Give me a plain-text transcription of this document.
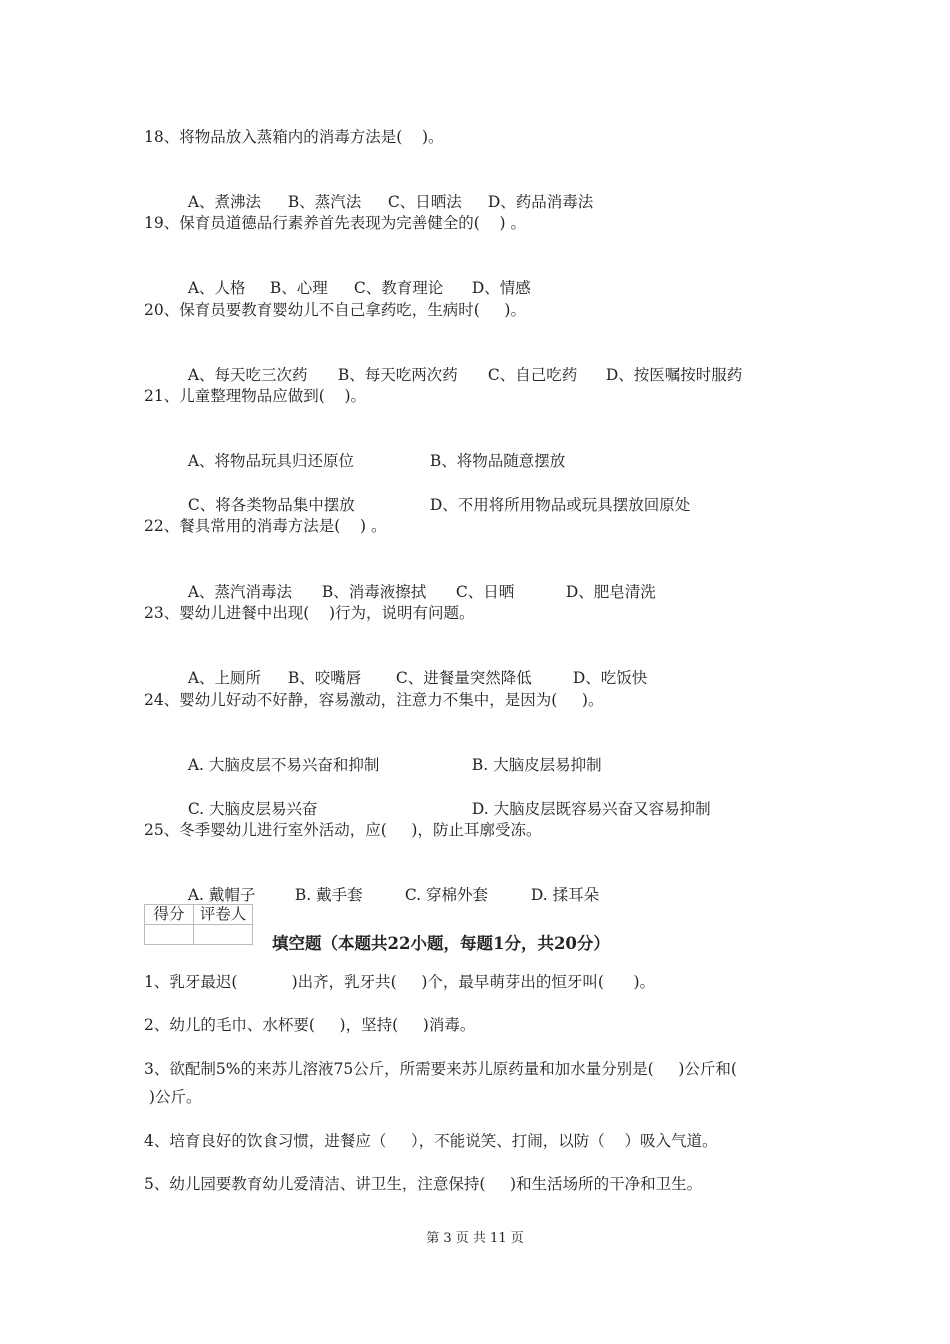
18、将物品放入蒸箱内的消毒方法是(    )。

A、煮沸法 B、蒸汽法 C、日晒法 D、药品消毒法

19、保育员道德品行素养首先表现为完善健全的(    ) 。

A、人格 B、心理 C、教育理论 D、情感

20、保育员要教育婴幼儿不自己拿药吃，生病时(     )。

A、每天吃三次药 B、每天吃两次药 C、自己吃药 D、按医嘱按时服药

21、儿童整理物品应做到(    )。

A、将物品玩具归还原位	B、将物品随意摆放

C、将各类物品集中摆放	D、不用将所用物品或玩具摆放回原处

22、餐具常用的消毒方法是(    ) 。

A、蒸汽消毒法 B、消毒液擦拭 C、日晒	D、肥皂清洗

23、婴幼儿进餐中出现(    )行为，说明有问题。

A、上厕所 B、咬嘴唇 C、进餐量突然降低	D、吃饭快

24、婴幼儿好动不好静，容易激动，注意力不集中，是因为(     )。

A. 大脑皮层不易兴奋和抑制	B. 大脑皮层易抑制

C. 大脑皮层易兴奋	D. 大脑皮层既容易兴奋又容易抑制

25、冬季婴幼儿进行室外活动，应(     )，防止耳廓受冻。

A. 戴帽子	B. 戴手套	C. 穿棉外套	D. 揉耳朵

得分	评卷人

填空题（本题共22小题，每题1分，共20分）
1、乳牙最迟(           )出齐，乳牙共(     )个，最早萌芽出的恒牙叫(      )。
2、幼儿的毛巾、水杯要(     )，坚持(     )消毒。
3、欲配制5%的来苏儿溶液75公斤，所需要来苏儿原药量和加水量分别是(     )公斤和(
)公斤。
4、培育良好的饮食习惯，进餐应（     ），不能说笑、打闹，以防（    ）吸入气道。
5、幼儿园要教育幼儿爱清洁、讲卫生，注意保持(     )和生活场所的干净和卫生。
第 3 页 共 11 页
